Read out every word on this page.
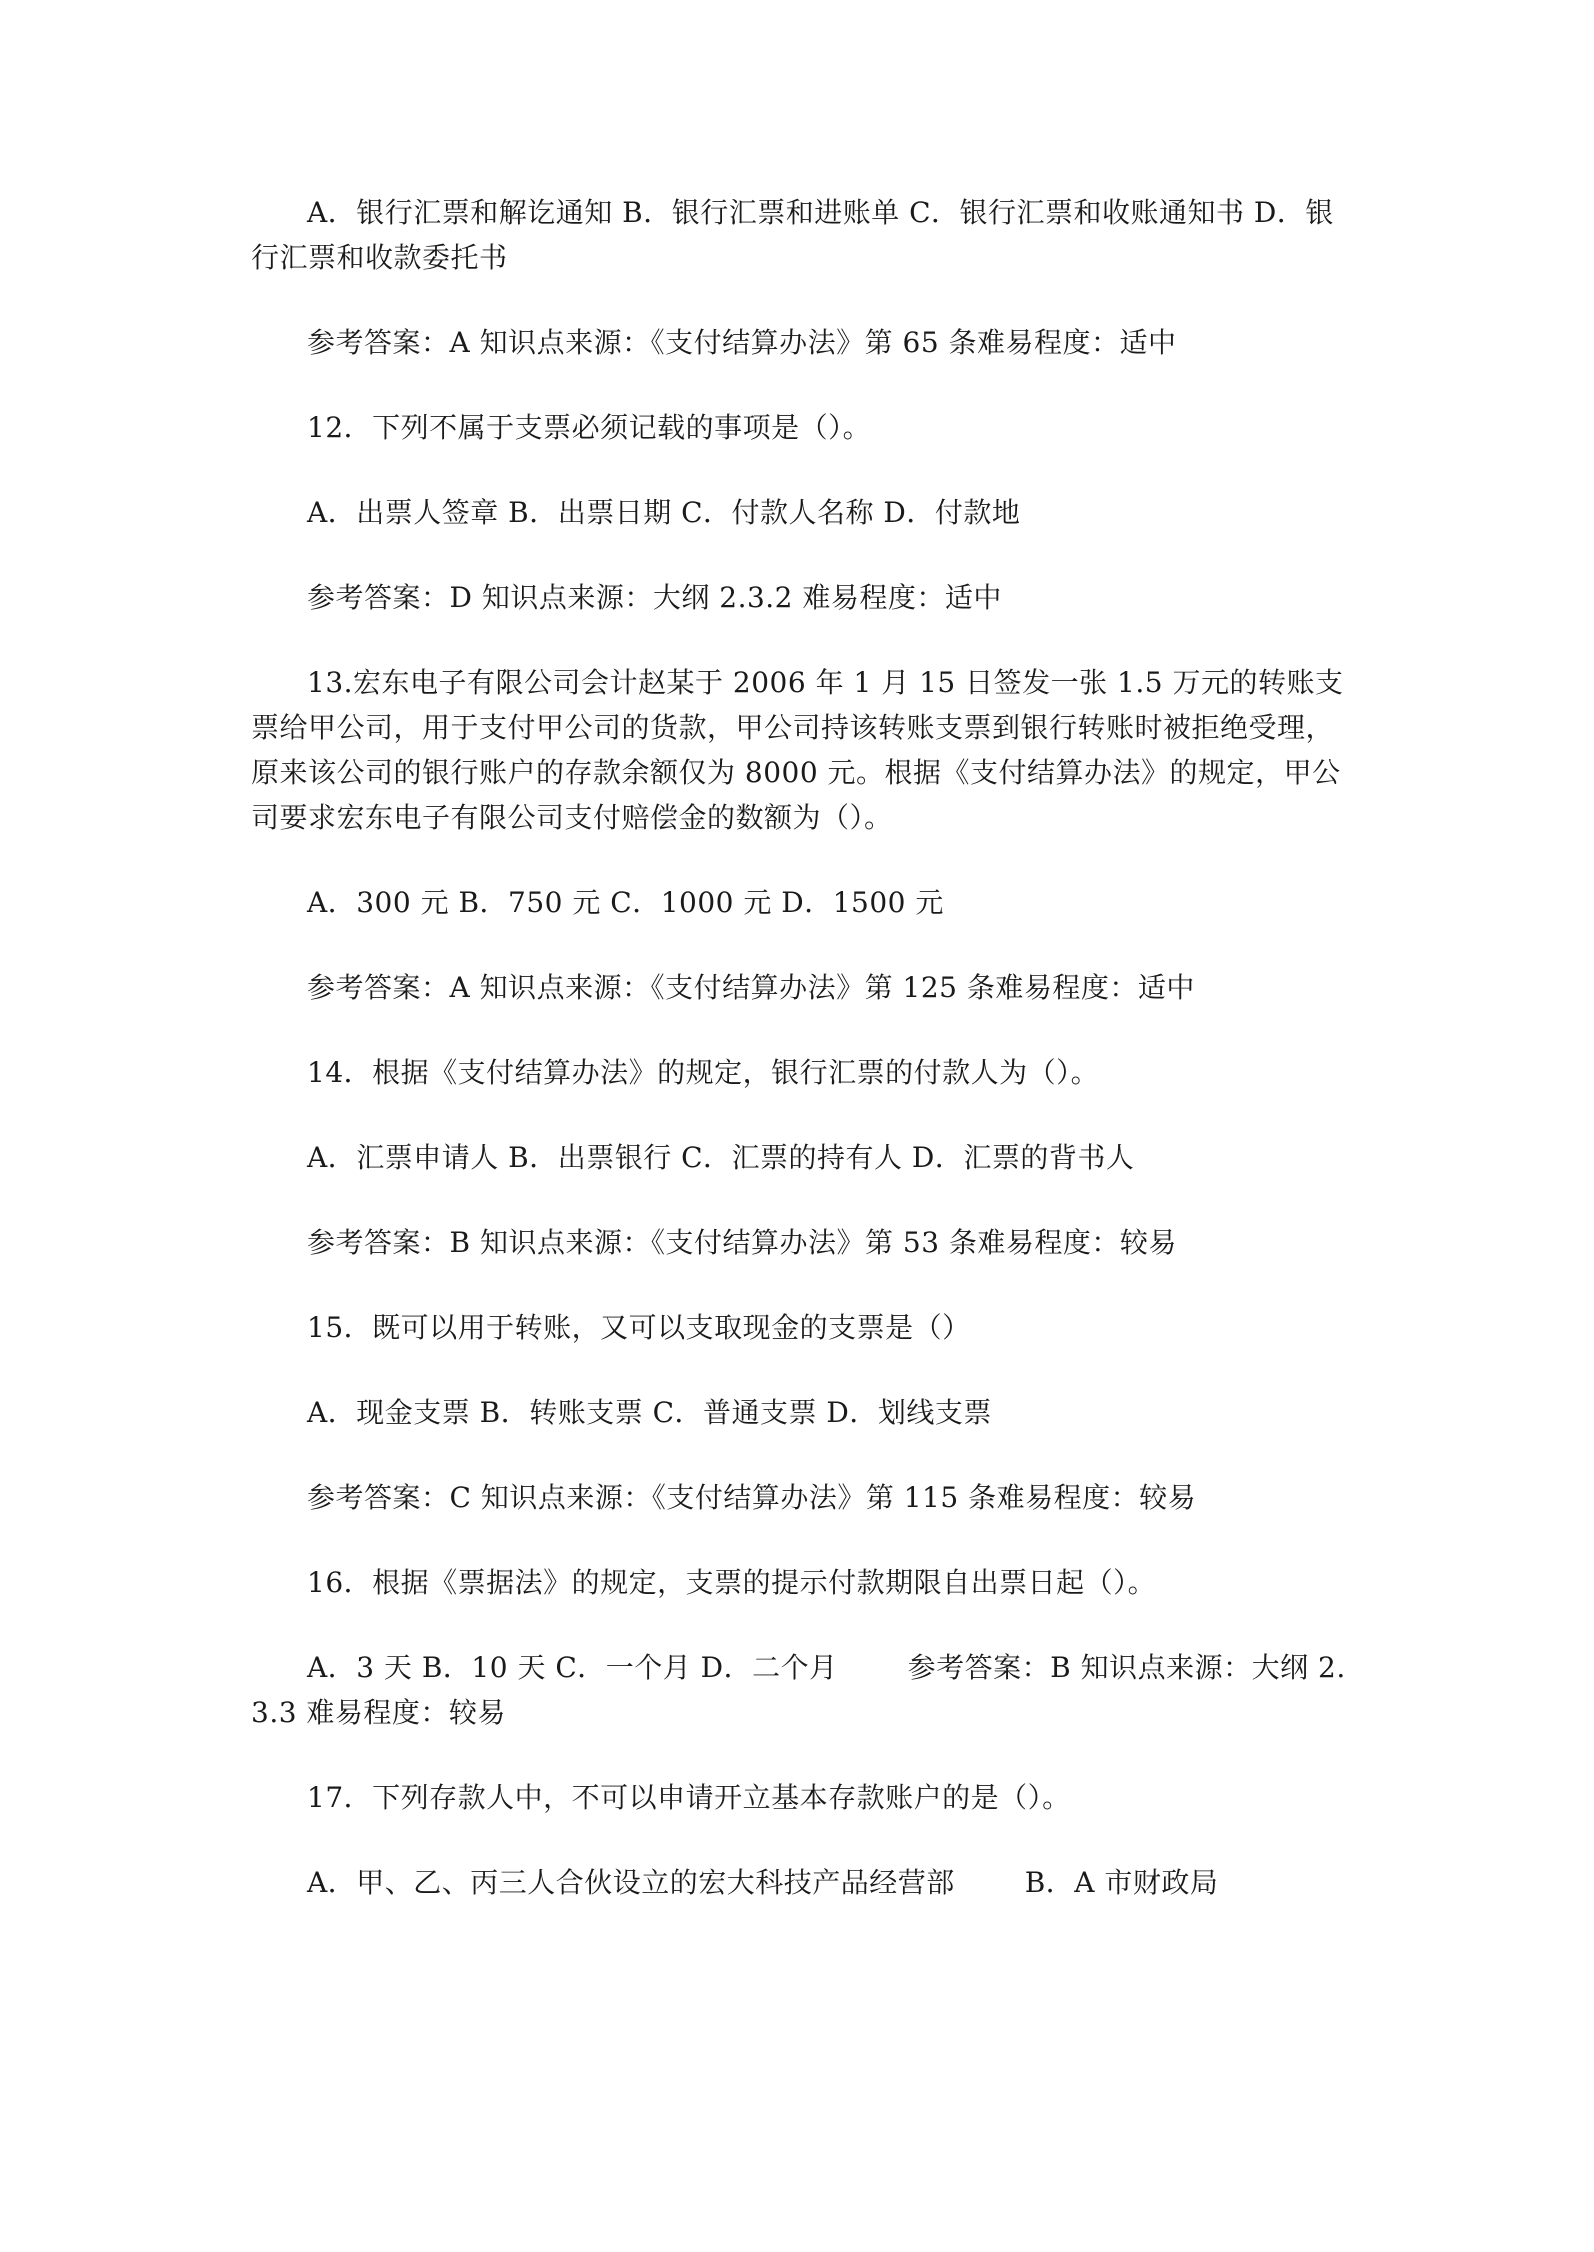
A．银行汇票和解讫通知 B．银行汇票和进账单 C．银行汇票和收账通知书 D．银行汇票和收款委托书

参考答案：A 知识点来源：《支付结算办法》第 65 条难易程度：适中

12．下列不属于支票必须记载的事项是（）。

A．出票人签章 B．出票日期 C．付款人名称 D．付款地

参考答案：D 知识点来源：大纲 2.3.2 难易程度：适中

13.宏东电子有限公司会计赵某于 2006 年 1 月 15 日签发一张 1.5 万元的转账支票给甲公司，用于支付甲公司的货款，甲公司持该转账支票到银行转账时被拒绝受理，原来该公司的银行账户的存款余额仅为 8000 元。根据《支付结算办法》的规定，甲公司要求宏东电子有限公司支付赔偿金的数额为（）。

A．300 元 B．750 元 C．1000 元 D．1500 元

参考答案：A 知识点来源：《支付结算办法》第 125 条难易程度：适中

14．根据《支付结算办法》的规定，银行汇票的付款人为（）。

A．汇票申请人 B．出票银行 C．汇票的持有人 D．汇票的背书人

参考答案：B 知识点来源：《支付结算办法》第 53 条难易程度：较易

15．既可以用于转账，又可以支取现金的支票是（）

A．现金支票 B．转账支票 C．普通支票 D．划线支票

参考答案：C 知识点来源：《支付结算办法》第 115 条难易程度：较易

16．根据《票据法》的规定，支票的提示付款期限自出票日起（）。

A．3 天 B．10 天 C．一个月 D．二个月	参考答案：B 知识点来源：大纲 2.3.3 难易程度：较易

17．下列存款人中，不可以申请开立基本存款账户的是（）。

A．甲、乙、丙三人合伙设立的宏大科技产品经营部	B．A 市财政局
